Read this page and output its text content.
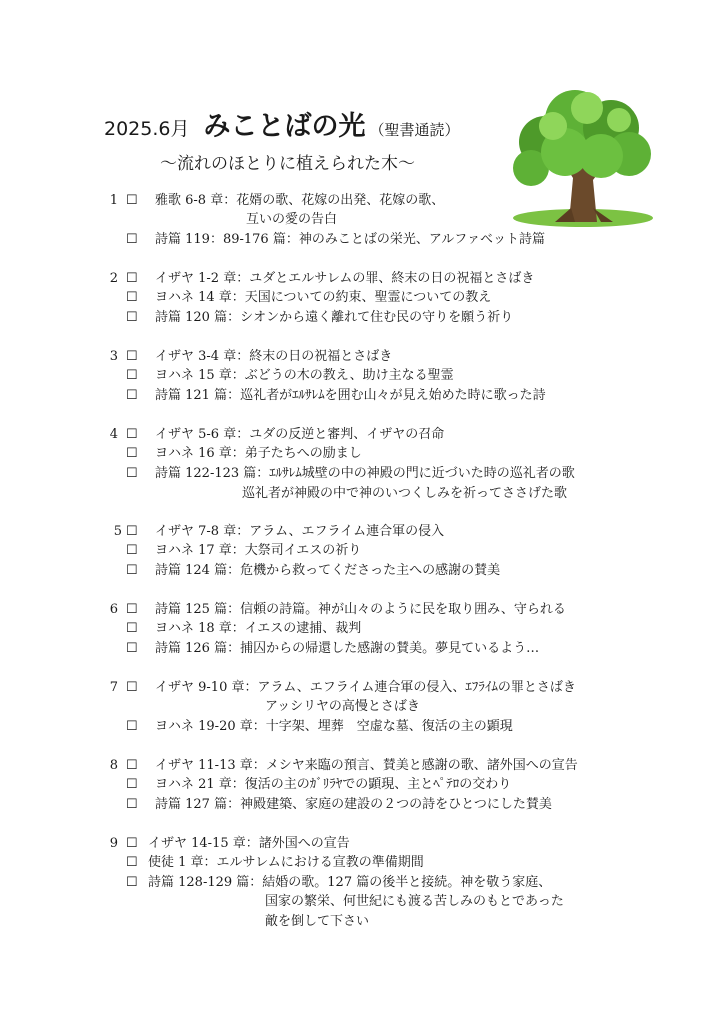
2025.6月 みことばの光 （聖書通読）
〜流れのほとりに植えられた木〜
1 ☐ 雅歌 6-8 章：花婿の歌、花嫁の出発、花嫁の歌、
互いの愛の告白
☐ 詩篇 119：89-176 篇：神のみことばの栄光、アルファベット詩篇
2 ☐ イザヤ 1-2 章：ユダとエルサレムの罪、終末の日の祝福とさばき
☐ ヨハネ 14 章：天国についての約束、聖霊についての教え
☐ 詩篇 120 篇：シオンから遠く離れて住む民の守りを願う祈り
3 ☐ イザヤ 3-4 章：終末の日の祝福とさばき
☐ ヨハネ 15 章：ぶどうの木の教え、助け主なる聖霊
☐ 詩篇 121 篇：巡礼者がｴﾙｻﾚﾑを囲む山々が見え始めた時に歌った詩
4 ☐ イザヤ 5-6 章：ユダの反逆と審判、イザヤの召命
☐ ヨハネ 16 章：弟子たちへの励まし
☐ 詩篇 122-123 篇：ｴﾙｻﾚﾑ城壁の中の神殿の門に近づいた時の巡礼者の歌
巡礼者が神殿の中で神のいつくしみを祈ってささげた歌
5 ☐ イザヤ 7-8 章：アラム、エフライム連合軍の侵入
☐ ヨハネ 17 章：大祭司イエスの祈り
☐ 詩篇 124 篇：危機から救ってくださった主への感謝の賛美
6 ☐ 詩篇 125 篇：信頼の詩篇。神が山々のように民を取り囲み、守られる
☐ ヨハネ 18 章：イエスの逮捕、裁判
☐ 詩篇 126 篇：捕囚からの帰還した感謝の賛美。夢見ているよう…
7 ☐ イザヤ 9-10 章：アラム、エフライム連合軍の侵入、ｴﾌﾗｲﾑの罪とさばき
アッシリヤの高慢とさばき
☐ ヨハネ 19-20 章：十字架、埋葬　空虚な墓、復活の主の顕現
8 ☐ イザヤ 11-13 章：メシヤ来臨の預言、賛美と感謝の歌、諸外国への宣告
☐ ヨハネ 21 章：復活の主のｶﾞﾘﾗﾔでの顕現、主とﾍﾟﾃﾛの交わり
☐ 詩篇 127 篇：神殿建築、家庭の建設の２つの詩をひとつにした賛美
9 ☐ イザヤ 14-15 章：諸外国への宣告
☐ 使徒 1 章：エルサレムにおける宣教の準備期間
☐ 詩篇 128-129 篇：結婚の歌。127 篇の後半と接続。神を敬う家庭、
国家の繁栄、何世紀にも渡る苦しみのもとであった
敵を倒して下さい
